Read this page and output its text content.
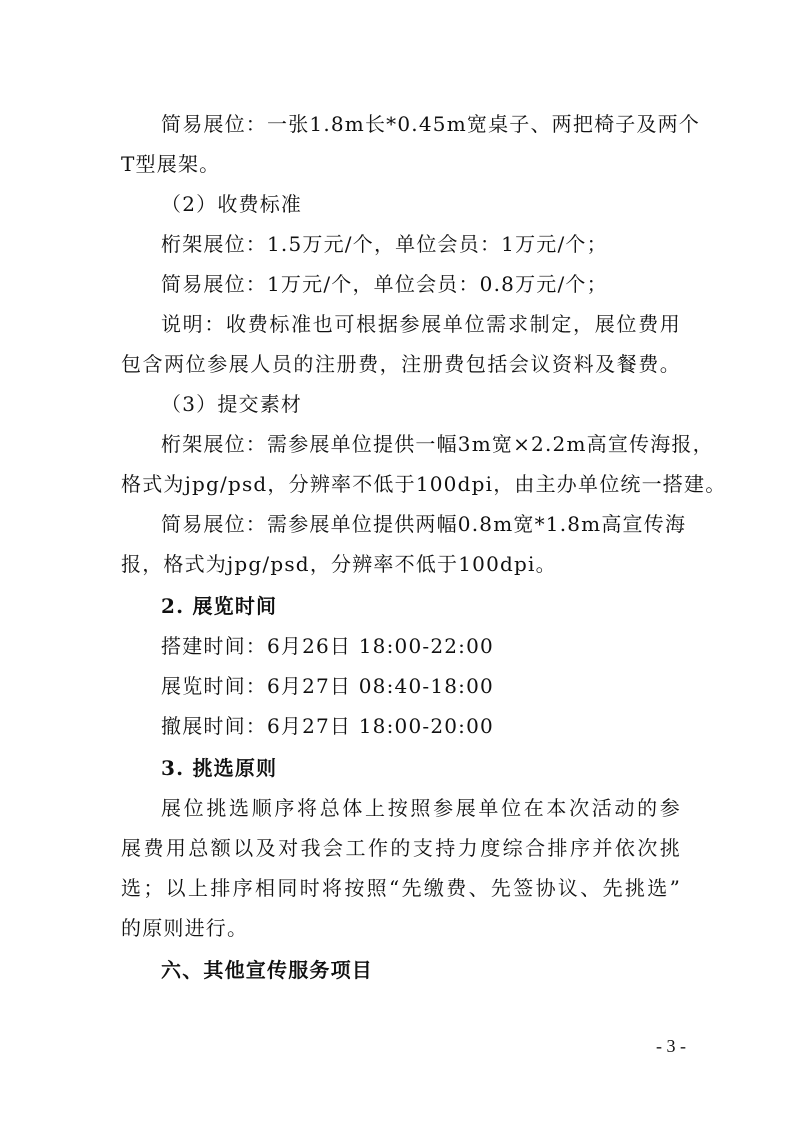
简易展位：一张1.8m长*0.45m宽桌子、两把椅子及两个
T型展架。
（2）收费标准
桁架展位：1.5万元/个，单位会员：1万元/个；
简易展位：1万元/个，单位会员：0.8万元/个；
说明：收费标准也可根据参展单位需求制定，展位费用
包含两位参展人员的注册费，注册费包括会议资料及餐费。
（3）提交素材
桁架展位：需参展单位提供一幅3m宽×2.2m高宣传海报，
格式为jpg/psd，分辨率不低于100dpi，由主办单位统一搭建。
简易展位：需参展单位提供两幅0.8m宽*1.8m高宣传海
报，格式为jpg/psd，分辨率不低于100dpi。
2. 展览时间
搭建时间：6月26日 18:00-22:00
展览时间：6月27日 08:40-18:00
撤展时间：6月27日 18:00-20:00
3. 挑选原则
展位挑选顺序将总体上按照参展单位在本次活动的参
展费用总额以及对我会工作的支持力度综合排序并依次挑
选；以上排序相同时将按照“先缴费、先签协议、先挑选”
的原则进行。
六、其他宣传服务项目
- 3 -
